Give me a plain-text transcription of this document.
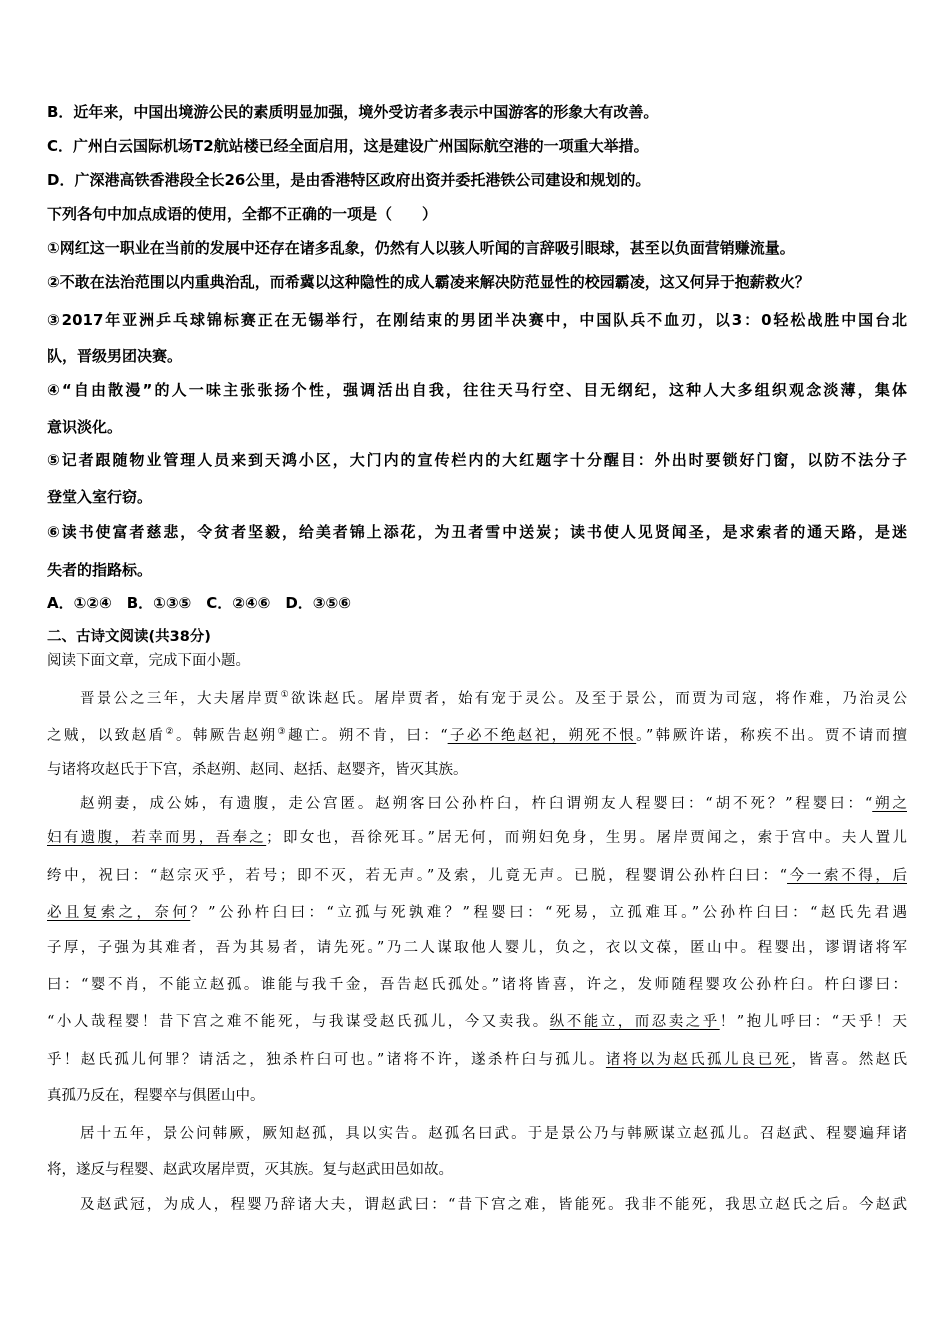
B．近年来，中国出境游公民的素质明显加强，境外受访者多表示中国游客的形象大有改善。
C．广州白云国际机场T2航站楼已经全面启用，这是建设广州国际航空港的一项重大举措。
D．广深港高铁香港段全长26公里，是由香港特区政府出资并委托港铁公司建设和规划的。
下列各句中加点成语的使用，全都不正确的一项是（　　）
①网红这一职业在当前的发展中还存在诸多乱象，仍然有人以骇人听闻的言辞吸引眼球，甚至以负面营销赚流量。
②不敢在法治范围以内重典治乱，而希冀以这种隐性的成人霸凌来解决防范显性的校园霸凌，这又何异于抱薪救火？
③2017年亚洲乒乓球锦标赛正在无锡举行，在刚结束的男团半决赛中，中国队兵不血刃，以3：0轻松战胜中国台北
队，晋级男团决赛。
④“自由散漫”的人一味主张张扬个性，强调活出自我，往往天马行空、目无纲纪，这种人大多组织观念淡薄，集体
意识淡化。
⑤记者跟随物业管理人员来到天鸿小区，大门内的宣传栏内的大红题字十分醒目：外出时要锁好门窗，以防不法分子
登堂入室行窃。
⑥读书使富者慈悲，令贫者坚毅，给美者锦上添花，为丑者雪中送炭；读书使人见贤闻圣，是求索者的通天路，是迷
失者的指路标。
A．①②④　B．①③⑤　C．②④⑥　D．③⑤⑥
二、古诗文阅读(共38分)
阅读下面文章，完成下面小题。
晋景公之三年，大夫屠岸贾①欲诛赵氏。屠岸贾者，始有宠于灵公。及至于景公，而贾为司寇，将作难，乃治灵公
之贼，以致赵盾②。韩厥告赵朔③趣亡。朔不肯，曰：“子必不绝赵祀，朔死不恨。”韩厥许诺，称疾不出。贾不请而擅
与诸将攻赵氏于下宫，杀赵朔、赵同、赵括、赵婴齐，皆灭其族。
赵朔妻，成公姊，有遗腹，走公宫匿。赵朔客曰公孙杵臼，杵臼谓朔友人程婴曰：“胡不死？”程婴曰：“朔之
妇有遗腹，若幸而男，吾奉之；即女也，吾徐死耳。”居无何，而朔妇免身，生男。屠岸贾闻之，索于宫中。夫人置儿
绔中，祝曰：“赵宗灭乎，若号；即不灭，若无声。”及索，儿竟无声。已脱，程婴谓公孙杵臼曰：“今一索不得，后
必且复索之，奈何？”公孙杵臼曰：“立孤与死孰难？”程婴曰：“死易，立孤难耳。”公孙杵臼曰：“赵氏先君遇
子厚，子强为其难者，吾为其易者，请先死。”乃二人谋取他人婴儿，负之，衣以文葆，匿山中。程婴出，谬谓诸将军
曰：“婴不肖，不能立赵孤。谁能与我千金，吾告赵氏孤处。”诸将皆喜，许之，发师随程婴攻公孙杵臼。杵臼谬曰：
“小人哉程婴！昔下宫之难不能死，与我谋受赵氏孤儿，今又卖我。纵不能立，而忍卖之乎！”抱儿呼曰：“天乎！天
乎！赵氏孤儿何罪？请活之，独杀杵臼可也。”诸将不许，遂杀杵臼与孤儿。诸将以为赵氏孤儿良已死，皆喜。然赵氏
真孤乃反在，程婴卒与俱匿山中。
居十五年，景公问韩厥，厥知赵孤，具以实告。赵孤名曰武。于是景公乃与韩厥谋立赵孤儿。召赵武、程婴遍拜诸
将，遂反与程婴、赵武攻屠岸贾，灭其族。复与赵武田邑如故。
及赵武冠，为成人，程婴乃辞诸大夫，谓赵武曰：“昔下宫之难，皆能死。我非不能死，我思立赵氏之后。今赵武
